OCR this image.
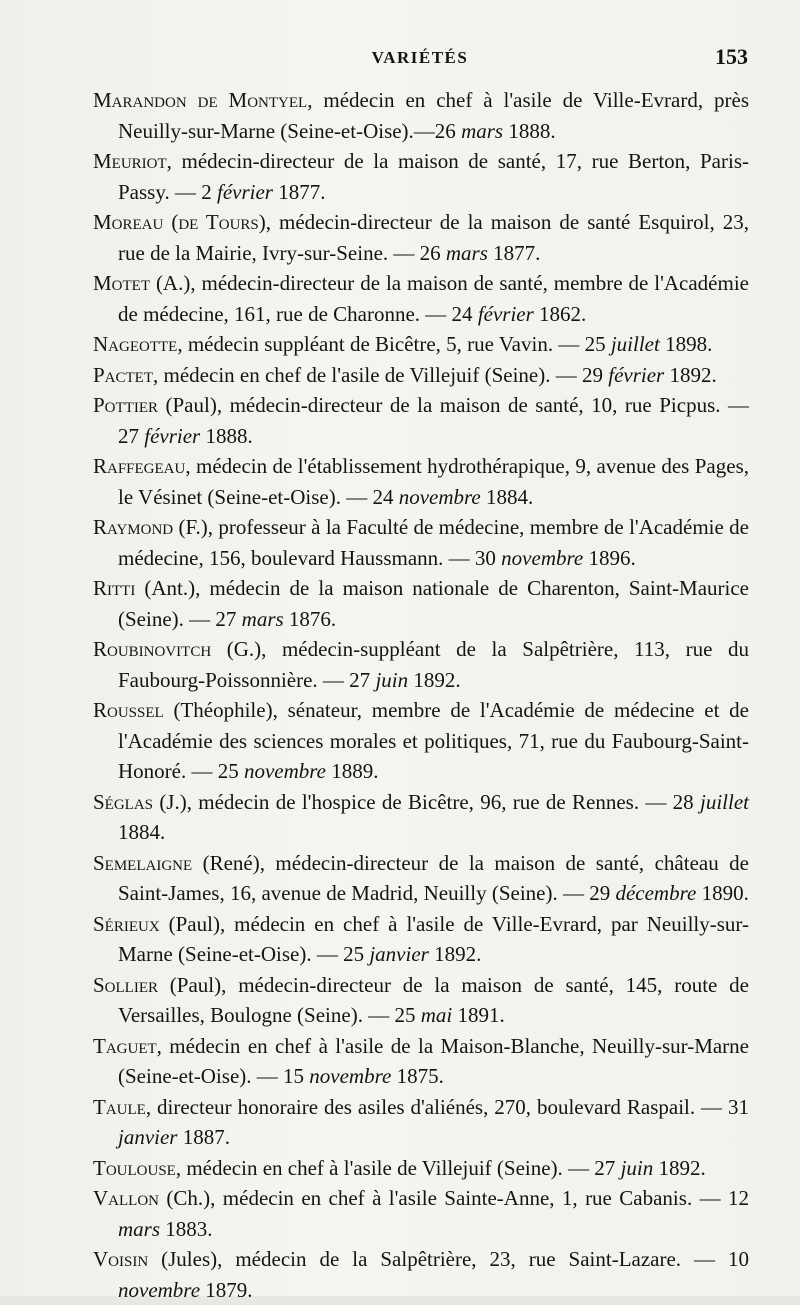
VARIÉTÉS	153

Marandon de Montyel, médecin en chef à l'asile de Ville-Evrard, près Neuilly-sur-Marne (Seine-et-Oise).—26 mars 1888.

Meuriot, médecin-directeur de la maison de santé, 17, rue Berton, Paris-Passy. — 2 février 1877.

Moreau (de Tours), médecin-directeur de la maison de santé Esquirol, 23, rue de la Mairie, Ivry-sur-Seine. — 26 mars 1877.

Motet (A.), médecin-directeur de la maison de santé, membre de l'Académie de médecine, 161, rue de Charonne. — 24 février 1862.

Nageotte, médecin suppléant de Bicêtre, 5, rue Vavin. — 25 juillet 1898.

Pactet, médecin en chef de l'asile de Villejuif (Seine). — 29 février 1892.

Pottier (Paul), médecin-directeur de la maison de santé, 10, rue Picpus. — 27 février 1888.

Raffegeau, médecin de l'établissement hydrothérapique, 9, avenue des Pages, le Vésinet (Seine-et-Oise). — 24 novembre 1884.

Raymond (F.), professeur à la Faculté de médecine, membre de l'Académie de médecine, 156, boulevard Haussmann. — 30 novembre 1896.

Ritti (Ant.), médecin de la maison nationale de Charenton, Saint-Maurice (Seine). — 27 mars 1876.

Roubinovitch (G.), médecin-suppléant de la Salpêtrière, 113, rue du Faubourg-Poissonnière. — 27 juin 1892.

Roussel (Théophile), sénateur, membre de l'Académie de médecine et de l'Académie des sciences morales et politiques, 71, rue du Faubourg-Saint-Honoré. — 25 novembre 1889.

Séglas (J.), médecin de l'hospice de Bicêtre, 96, rue de Rennes. — 28 juillet 1884.

Semelaigne (René), médecin-directeur de la maison de santé, château de Saint-James, 16, avenue de Madrid, Neuilly (Seine). — 29 décembre 1890.

Sérieux (Paul), médecin en chef à l'asile de Ville-Evrard, par Neuilly-sur-Marne (Seine-et-Oise). — 25 janvier 1892.

Sollier (Paul), médecin-directeur de la maison de santé, 145, route de Versailles, Boulogne (Seine). — 25 mai 1891.

Taguet, médecin en chef à l'asile de la Maison-Blanche, Neuilly-sur-Marne (Seine-et-Oise). — 15 novembre 1875.

Taule, directeur honoraire des asiles d'aliénés, 270, boulevard Raspail. — 31 janvier 1887.

Toulouse, médecin en chef à l'asile de Villejuif (Seine). — 27 juin 1892.

Vallon (Ch.), médecin en chef à l'asile Sainte-Anne, 1, rue Cabanis. — 12 mars 1883.

Voisin (Jules), médecin de la Salpêtrière, 23, rue Saint-Lazare. — 10 novembre 1879.
